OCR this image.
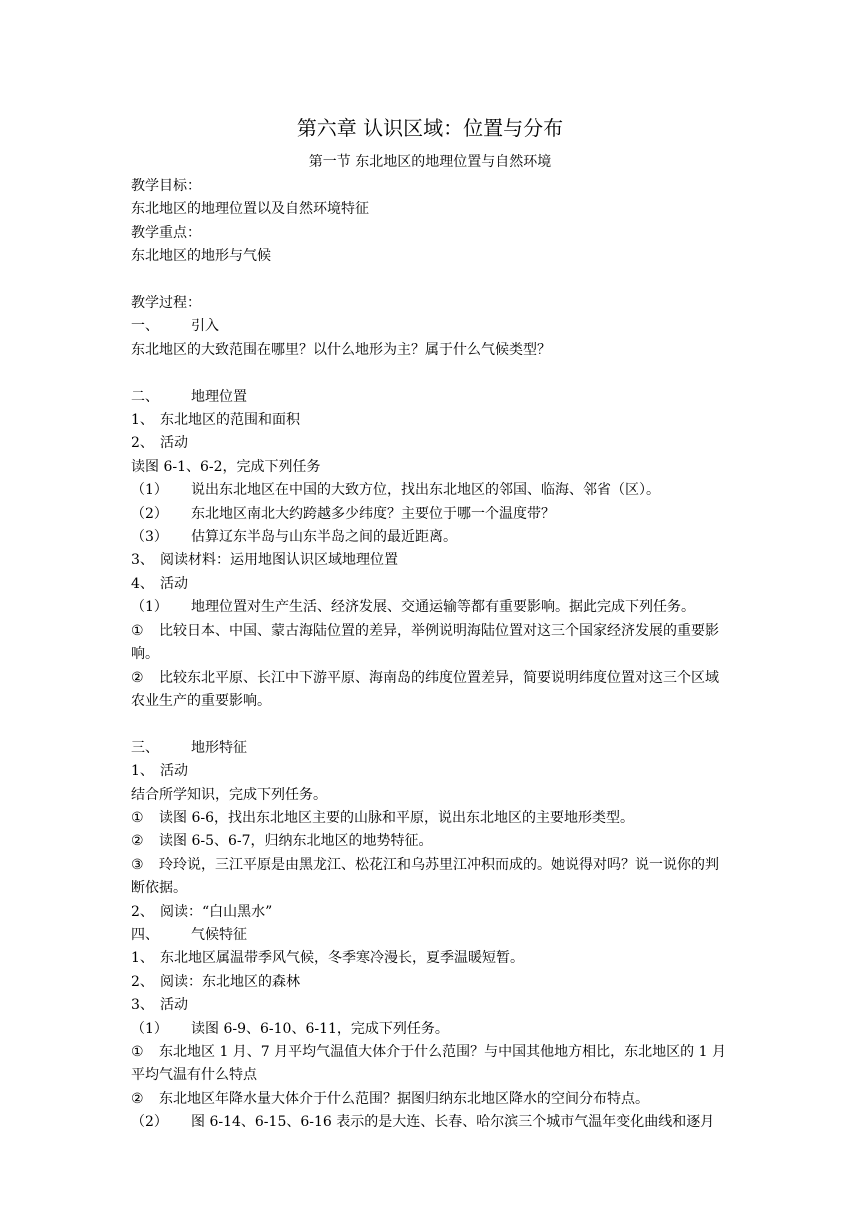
第六章 认识区域：位置与分布
第一节 东北地区的地理位置与自然环境
教学目标：
东北地区的地理位置以及自然环境特征
教学重点：
东北地区的地形与气候
教学过程：
一、 引入
东北地区的大致范围在哪里？以什么地形为主？属于什么气候类型？
二、 地理位置
1、 东北地区的范围和面积
2、 活动
读图 6-1、6-2，完成下列任务
（1） 说出东北地区在中国的大致方位，找出东北地区的邻国、临海、邻省（区）。
（2） 东北地区南北大约跨越多少纬度？主要位于哪一个温度带？
（3） 估算辽东半岛与山东半岛之间的最近距离。
3、 阅读材料：运用地图认识区域地理位置
4、 活动
（1） 地理位置对生产生活、经济发展、交通运输等都有重要影响。据此完成下列任务。
① 比较日本、中国、蒙古海陆位置的差异，举例说明海陆位置对这三个国家经济发展的重要影响。
② 比较东北平原、长江中下游平原、海南岛的纬度位置差异，简要说明纬度位置对这三个区域农业生产的重要影响。
三、 地形特征
1、 活动
结合所学知识，完成下列任务。
① 读图 6-6，找出东北地区主要的山脉和平原，说出东北地区的主要地形类型。
② 读图 6-5、6-7，归纳东北地区的地势特征。
③ 玲玲说，三江平原是由黑龙江、松花江和乌苏里江冲积而成的。她说得对吗？说一说你的判断依据。
2、 阅读：“白山黑水”
四、 气候特征
1、 东北地区属温带季风气候，冬季寒冷漫长，夏季温暖短暂。
2、 阅读：东北地区的森林
3、 活动
（1） 读图 6-9、6-10、6-11，完成下列任务。
① 东北地区 1 月、7 月平均气温值大体介于什么范围？与中国其他地方相比，东北地区的 1 月平均气温有什么特点
② 东北地区年降水量大体介于什么范围？据图归纳东北地区降水的空间分布特点。
（2） 图 6-14、6-15、6-16 表示的是大连、长春、哈尔滨三个城市气温年变化曲线和逐月
